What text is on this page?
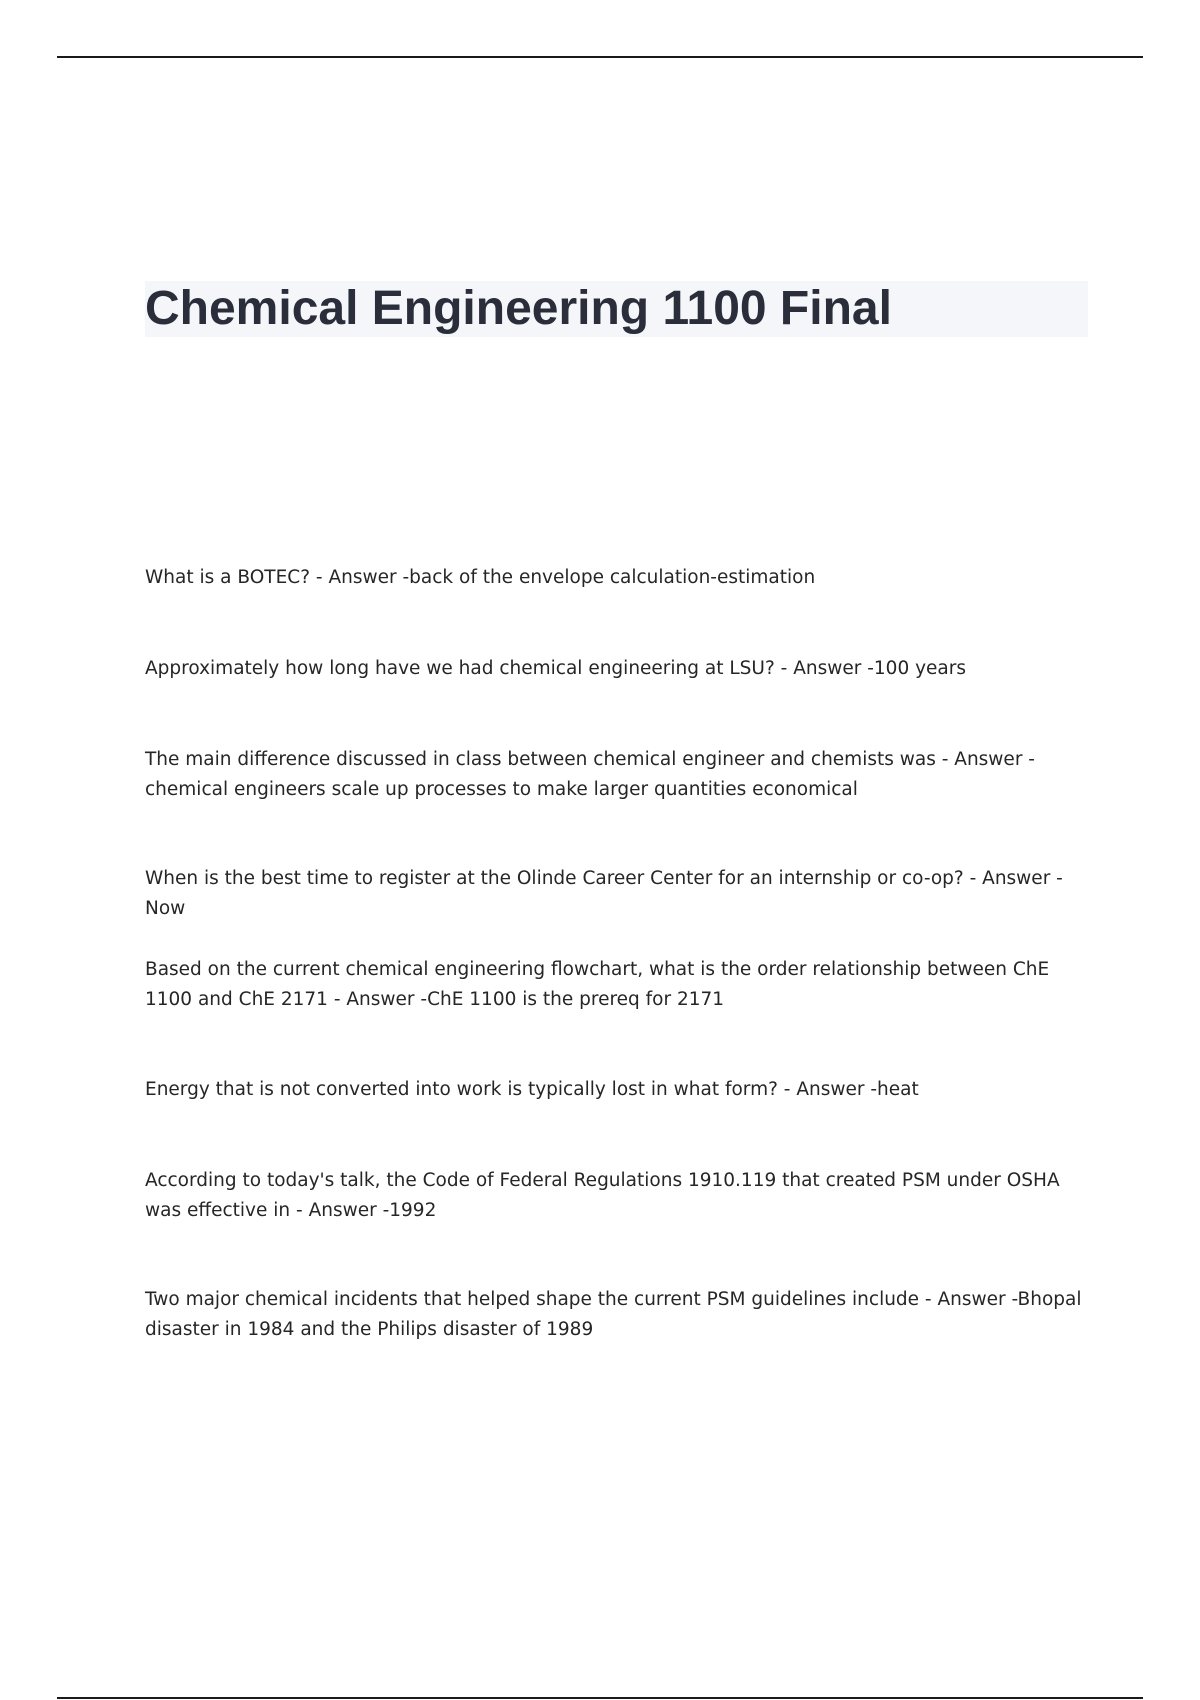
Chemical Engineering 1100 Final

What is a BOTEC? - Answer -back of the envelope calculation-estimation

Approximately how long have we had chemical engineering at LSU? - Answer -100 years

The main difference discussed in class between chemical engineer and chemists was - Answer -chemical engineers scale up processes to make larger quantities economical

When is the best time to register at the Olinde Career Center for an internship or co-op? - Answer -Now

Based on the current chemical engineering flowchart, what is the order relationship between ChE 1100 and ChE 2171 - Answer -ChE 1100 is the prereq for 2171

Energy that is not converted into work is typically lost in what form? - Answer -heat

According to today's talk, the Code of Federal Regulations 1910.119 that created PSM under OSHA was effective in - Answer -1992

Two major chemical incidents that helped shape the current PSM guidelines include - Answer -Bhopal disaster in 1984 and the Philips disaster of 1989
